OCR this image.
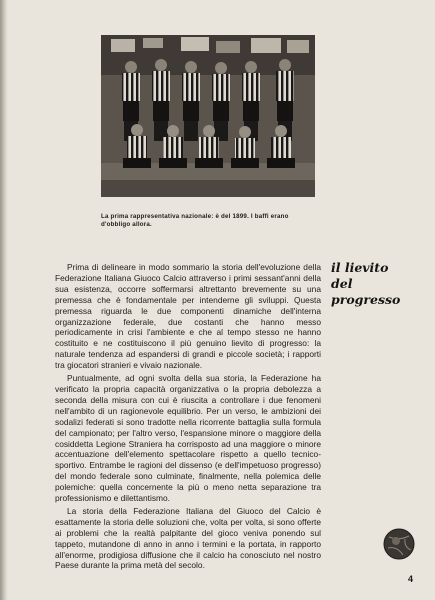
La prima rappresentativa nazionale: è del 1899. I baffi erano d'obbligo allora.
il lievito
del
progresso

Prima di delineare in modo sommario la storia dell'evoluzione della Federazione Italiana Giuoco Calcio attraverso i primi sessant'anni della sua esistenza, occorre soffermarsi altrettanto brevemente su una premessa che è fondamentale per intenderne gli sviluppi. Questa premessa riguarda le due componenti dinamiche dell'interna organizzazione federale, due costanti che hanno messo periodicamente in crisi l'ambiente e che al tempo stesso ne hanno costituito e ne costituiscono il più genuino lievito di progresso: la naturale tendenza ad espandersi di grandi e piccole società; i rapporti tra giocatori stranieri e vivaio nazionale.

Puntualmente, ad ogni svolta della sua storia, la Federazione ha verificato la propria capacità organizzativa o la propria debolezza a seconda della misura con cui è riuscita a controllare i due fenomeni nell'ambito di un ragionevole equilibrio. Per un verso, le ambizioni dei sodalizi federati si sono tradotte nella ricorrente battaglia sulla formula del campionato; per l'altro verso, l'espansione minore o maggiore della cosiddetta Legione Straniera ha corrisposto ad una maggiore o minore accentuazione dell'elemento spettacolare rispetto a quello tecnico-sportivo. Entrambe le ragioni del dissenso (e dell'impetuoso progresso) del mondo federale sono culminate, finalmente, nella polemica delle polemiche: quella concernente la più o meno netta separazione tra professionismo e dilettantismo.

La storia della Federazione Italiana del Giuoco del Calcio è esattamente la storia delle soluzioni che, volta per volta, si sono offerte ai problemi che la realtà palpitante del gioco veniva ponendo sul tappeto, mutandone di anno in anno i termini e la portata, in rapporto all'enorme, prodigiosa diffusione che il calcio ha conosciuto nel nostro Paese durante la prima metà del secolo.

4
